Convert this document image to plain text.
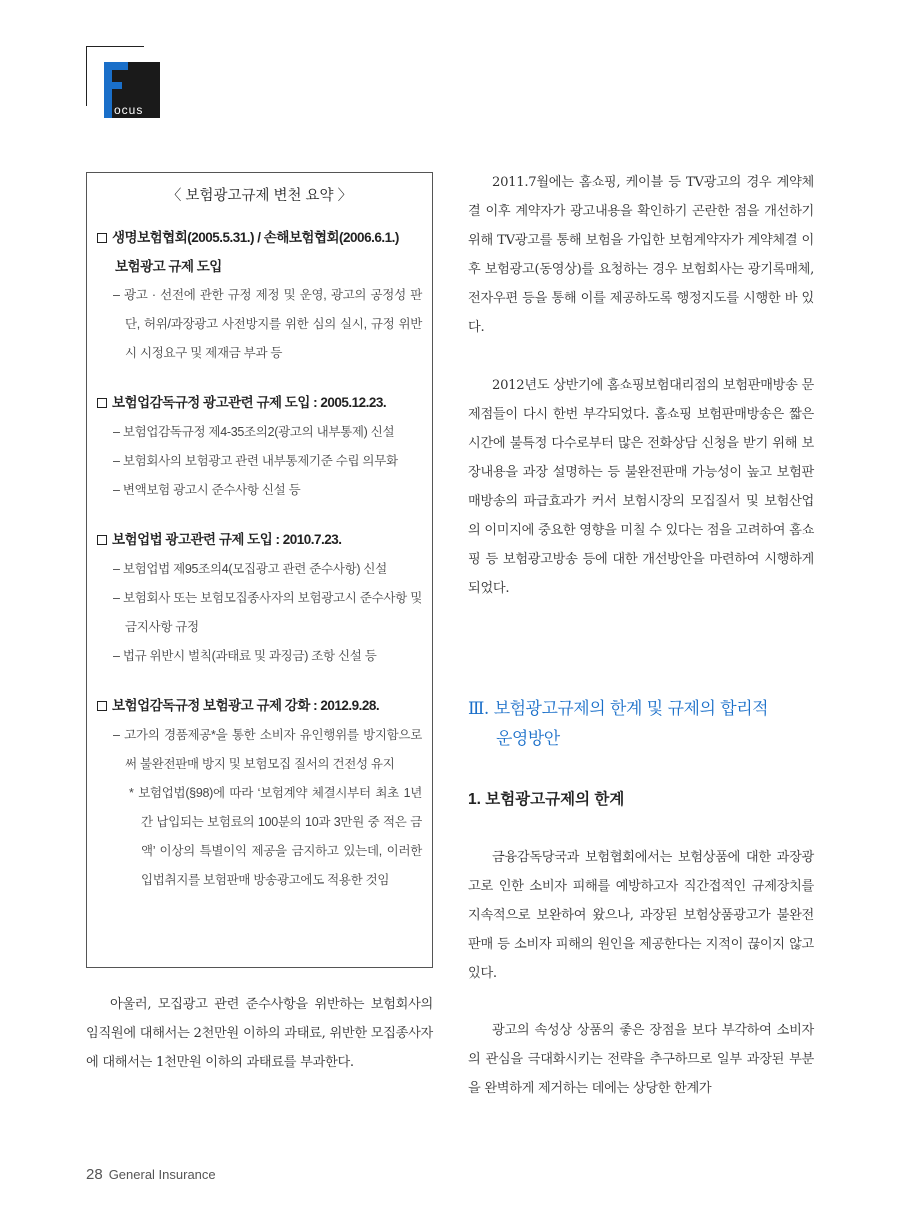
ocus
〈 보험광고규제 변천 요약 〉
생명보험협회(2005.5.31.) / 손해보험협회(2006.6.1.)
보험광고 규제 도입
– 광고 · 선전에 관한 규정 제정 및 운영, 광고의 공정성 판단, 허위/과장광고 사전방지를 위한 심의 실시, 규정 위반시 시정요구 및 제재금 부과 등
보험업감독규정 광고관련 규제 도입 : 2005.12.23.
– 보험업감독규정 제4-35조의2(광고의 내부통제) 신설
– 보험회사의 보험광고 관련 내부통제기준 수립 의무화
– 변액보험 광고시 준수사항 신설 등
보험업법 광고관련 규제 도입 : 2010.7.23.
– 보험업법 제95조의4(모집광고 관련 준수사항) 신설
– 보험회사 또는 보험모집종사자의 보험광고시 준수사항 및 금지사항 규정
– 법규 위반시 벌칙(과태료 및 과징금) 조항 신설 등
보험업감독규정 보험광고 규제 강화 : 2012.9.28.
– 고가의 경품제공*을 통한 소비자 유인행위를 방지함으로써 불완전판매 방지 및 보험모집 질서의 건전성 유지
* 보험업법(§98)에 따라 ‘보험계약 체결시부터 최초 1년간 납입되는 보험료의 100분의 10과 3만원 중 적은 금액’ 이상의 특별이익 제공을 금지하고 있는데, 이러한 입법취지를 보험판매 방송광고에도 적용한 것임

아울러, 모집광고 관련 준수사항을 위반하는 보험회사의 임직원에 대해서는 2천만원 이하의 과태료, 위반한 모집종사자에 대해서는 1천만원 이하의 과태료를 부과한다.

2011.7월에는 홈쇼핑, 케이블 등 TV광고의 경우 계약체결 이후 계약자가 광고내용을 확인하기 곤란한 점을 개선하기 위해 TV광고를 통해 보험을 가입한 보험계약자가 계약체결 이후 보험광고(동영상)를 요청하는 경우 보험회사는 광기록매체, 전자우편 등을 통해 이를 제공하도록 행정지도를 시행한 바 있다.

2012년도 상반기에 홈쇼핑보험대리점의 보험판매방송 문제점들이 다시 한번 부각되었다. 홈쇼핑 보험판매방송은 짧은 시간에 불특정 다수로부터 많은 전화상담 신청을 받기 위해 보장내용을 과장 설명하는 등 불완전판매 가능성이 높고 보험판매방송의 파급효과가 커서 보험시장의 모집질서 및 보험산업의 이미지에 중요한 영향을 미칠 수 있다는 점을 고려하여 홈쇼핑 등 보험광고방송 등에 대한 개선방안을 마련하여 시행하게 되었다.

Ⅲ. 보험광고규제의 한계 및 규제의 합리적
운영방안
1. 보험광고규제의 한계

금융감독당국과 보험협회에서는 보험상품에 대한 과장광고로 인한 소비자 피해를 예방하고자 직간접적인 규제장치를 지속적으로 보완하여 왔으나, 과장된 보험상품광고가 불완전판매 등 소비자 피해의 원인을 제공한다는 지적이 끊이지 않고 있다.

광고의 속성상 상품의 좋은 장점을 보다 부각하여 소비자의 관심을 극대화시키는 전략을 추구하므로 일부 과장된 부분을 완벽하게 제거하는 데에는 상당한 한계가

28 General Insurance
